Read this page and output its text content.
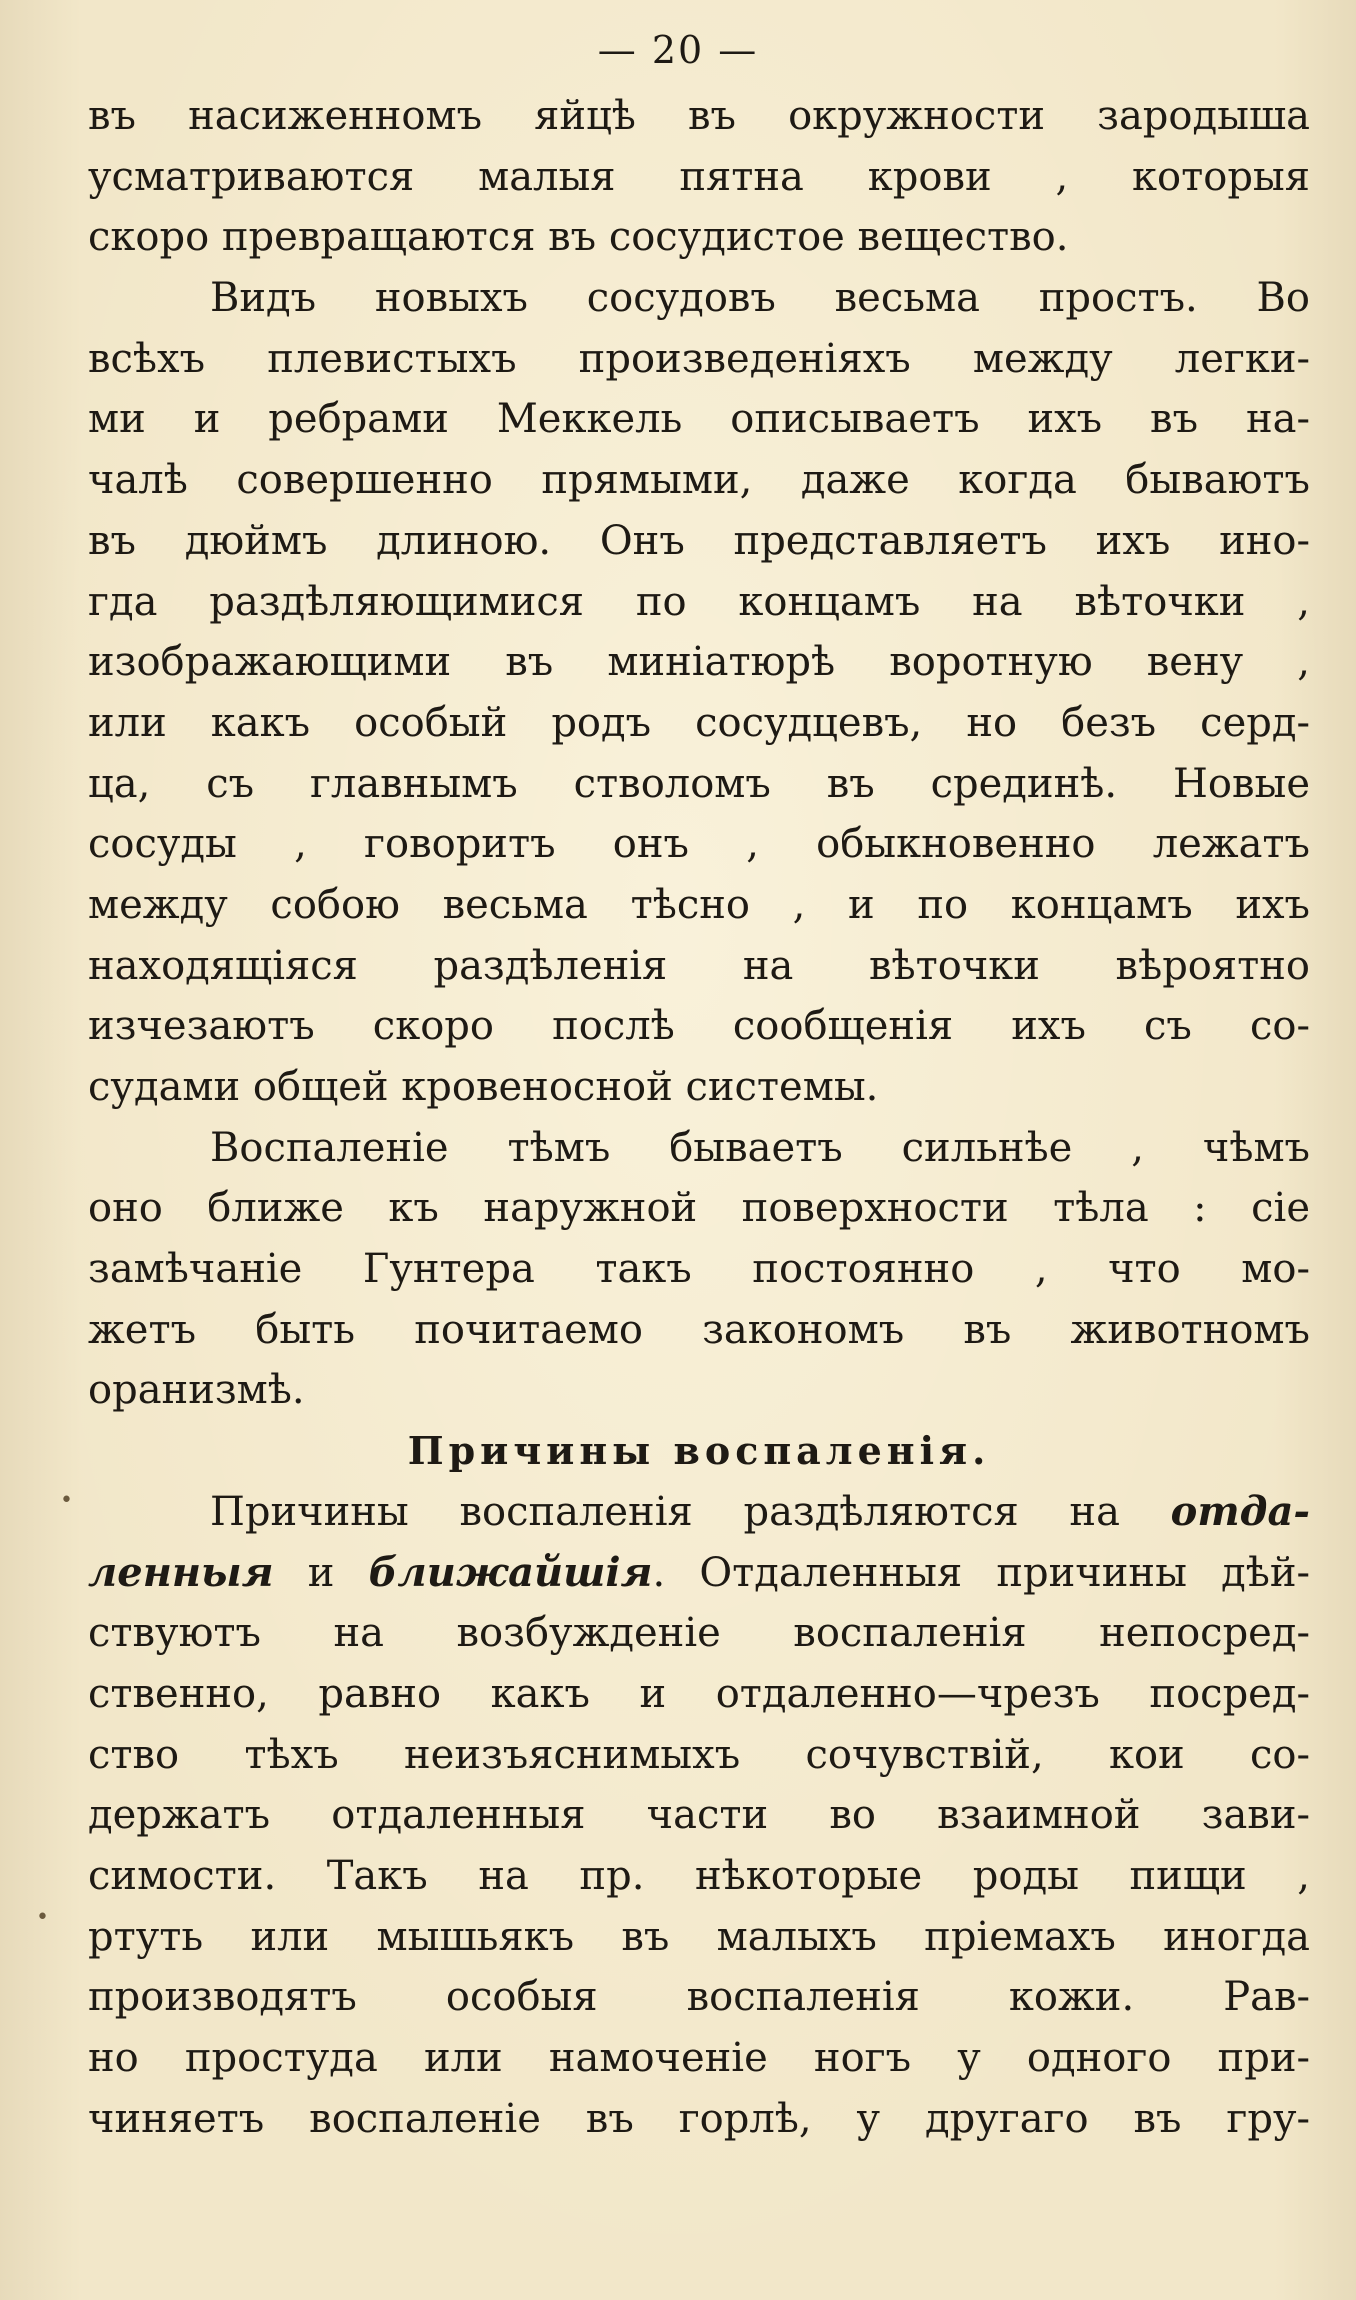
— 20 —
въ насиженномъ яйцѣ въ окружности зародыша
усматриваются малыя пятна крови , которыя
скоро превращаются въ сосудистое вещество.
Видъ новыхъ сосудовъ весьма простъ. Во
всѣхъ плевистыхъ произведеніяхъ между легки-
ми и ребрами Меккель описываетъ ихъ въ на-
чалѣ совершенно прямыми, даже когда бываютъ
въ дюймъ длиною. Онъ представляетъ ихъ ино-
гда раздѣляющимися по концамъ на вѣточки ,
изображающими въ миніатюрѣ воротную вену ,
или какъ особый родъ сосудцевъ, но безъ серд-
ца, съ главнымъ стволомъ въ срединѣ. Новые
сосуды , говоритъ онъ , обыкновенно лежатъ
между собою весьма тѣсно , и по концамъ ихъ
находящіяся раздѣленія на вѣточки вѣроятно
изчезаютъ скоро послѣ сообщенія ихъ съ со-
судами общей кровеносной системы.
Воспаленіе тѣмъ бываетъ сильнѣе , чѣмъ
оно ближе къ наружной поверхности тѣла : сіе
замѣчаніе Гунтера такъ постоянно , что мо-
жетъ быть почитаемо закономъ въ животномъ
оранизмѣ.
Причины воспаленія.
Причины воспаленія раздѣляются на отда-
ленныя и ближайшія. Отдаленныя причины дѣй-
ствуютъ на возбужденіе воспаленія непосред-
ственно, равно какъ и отдаленно—чрезъ посред-
ство тѣхъ неизъяснимыхъ сочувствій, кои со-
держатъ отдаленныя части во взаимной зави-
симости. Такъ на пр. нѣкоторые роды пищи ,
ртуть или мышьякъ въ малыхъ пріемахъ иногда
производятъ особыя воспаленія кожи. Рав-
но простуда или намоченіе ногъ у одного при-
чиняетъ воспаленіе въ горлѣ, у другаго въ гру-
•
•
